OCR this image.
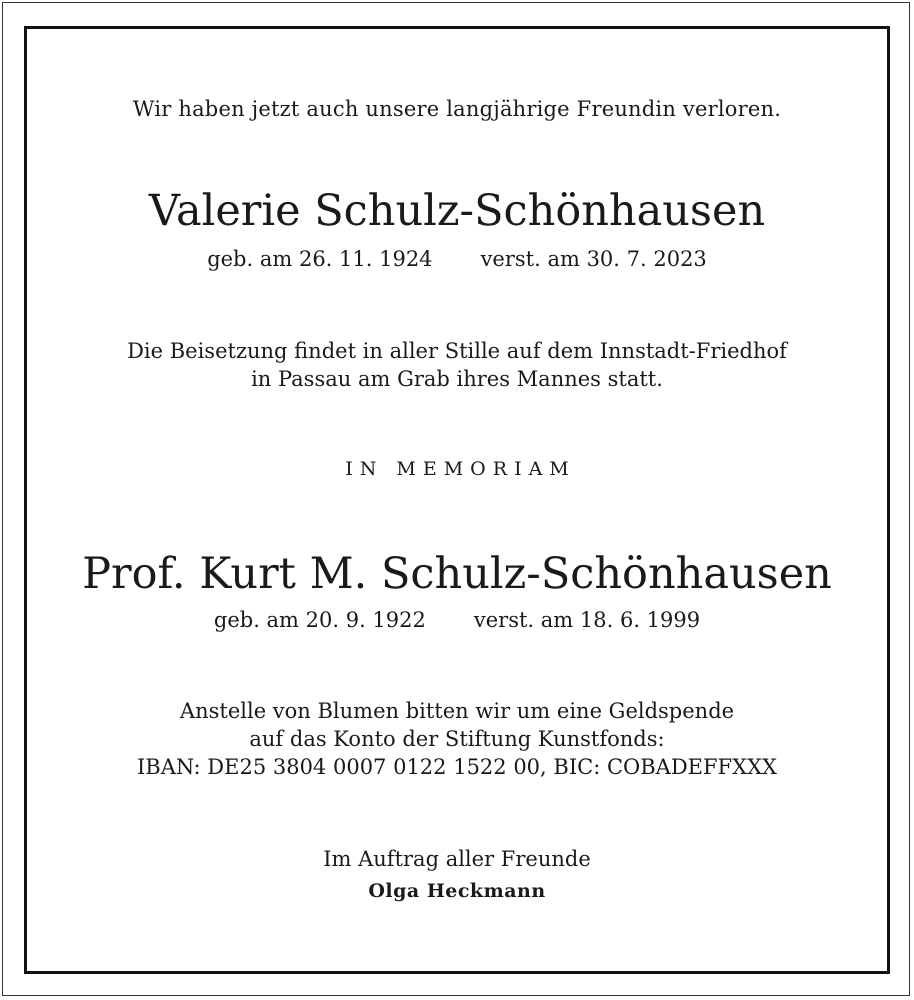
Wir haben jetzt auch unsere langjährige Freundin verloren.
Valerie Schulz-Schönhausen
geb. am 26. 11. 1924 verst. am 30. 7. 2023
Die Beisetzung findet in aller Stille auf dem Innstadt-Friedhof
in Passau am Grab ihres Mannes statt.
IN MEMORIAM
Prof. Kurt M. Schulz-Schönhausen
geb. am 20. 9. 1922 verst. am 18. 6. 1999
Anstelle von Blumen bitten wir um eine Geldspende
auf das Konto der Stiftung Kunstfonds:
IBAN: DE25 3804 0007 0122 1522 00, BIC: COBADEFFXXX
Im Auftrag aller Freunde
Olga Heckmann
